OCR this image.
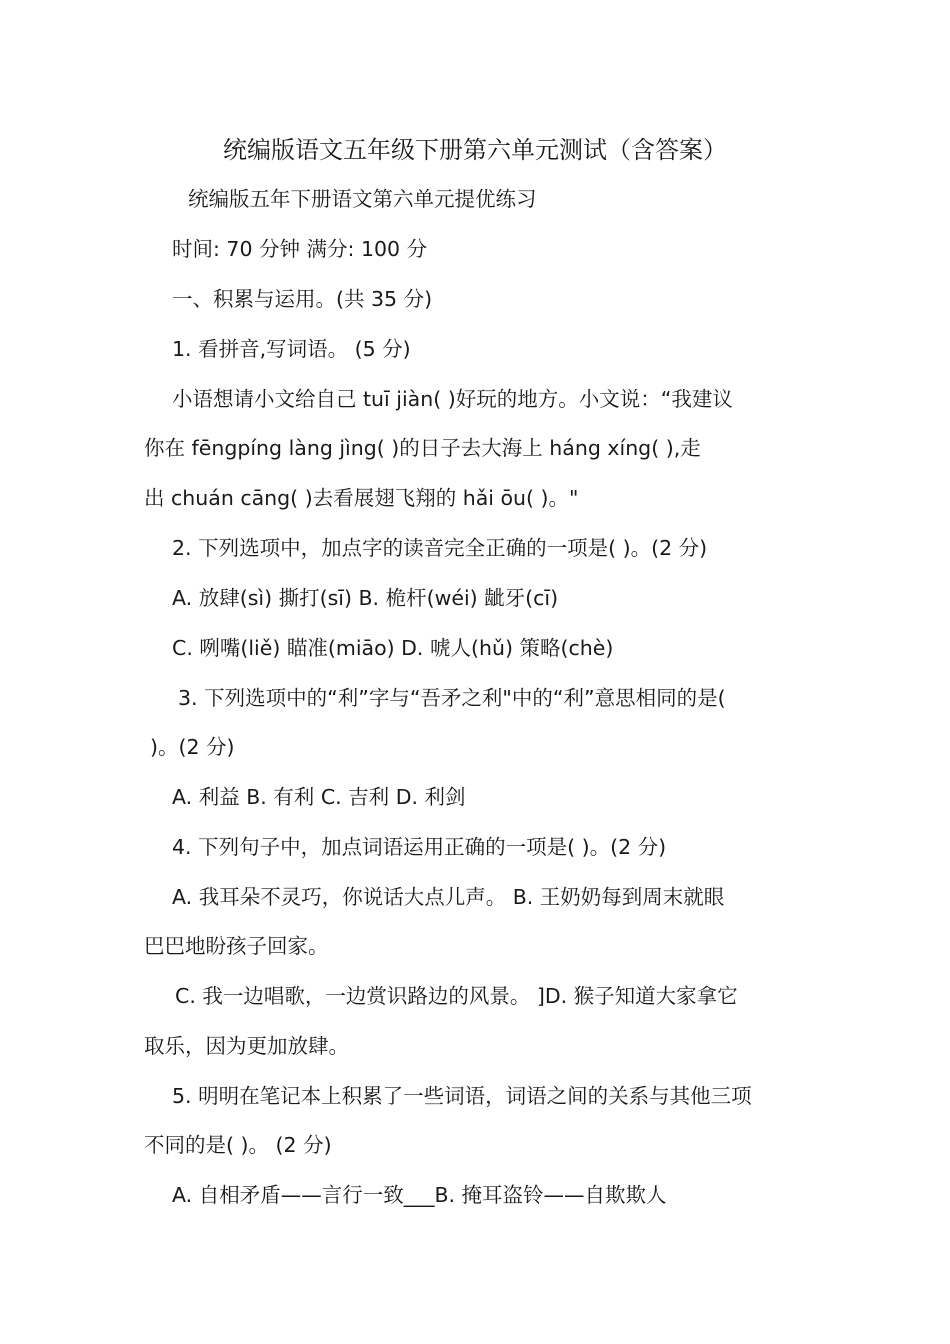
统编版语文五年级下册第六单元测试（含答案）
统编版五年下册语文第六单元提优练习
时间: 70 分钟 满分: 100 分
一、积累与运用。(共 35 分)
1. 看拼音,写词语。 (5 分)
小语想请小文给自己 tuī jiàn( )好玩的地方。小文说：“我建议
你在 fēngpíng làng jìng( )的日子去大海上 háng xíng( ),走
出 chuán cāng( )去看展翅飞翔的 hǎi ōu( )。"
2. 下列选项中，加点字的读音完全正确的一项是( )。(2 分)
A. 放肆(sì) 撕打(sī) B. 桅杆(wéi) 龇牙(cī)
C. 咧嘴(liě) 瞄准(miāo) D. 唬人(hǔ) 策略(chè)
3. 下列选项中的“利”字与“吾矛之利"中的“利”意思相同的是(
)。(2 分)
A. 利益 B. 有利 C. 吉利 D. 利剑
4. 下列句子中，加点词语运用正确的一项是( )。(2 分)
A. 我耳朵不灵巧，你说话大点儿声。 B. 王奶奶每到周末就眼
巴巴地盼孩子回家。
C. 我一边唱歌，一边赏识路边的风景。 ]D. 猴子知道大家拿它
取乐，因为更加放肆。
5. 明明在笔记本上积累了一些词语，词语之间的关系与其他三项
不同的是( )。 (2 分)
A. 自相矛盾——言行一致___B. 掩耳盗铃——自欺欺人
